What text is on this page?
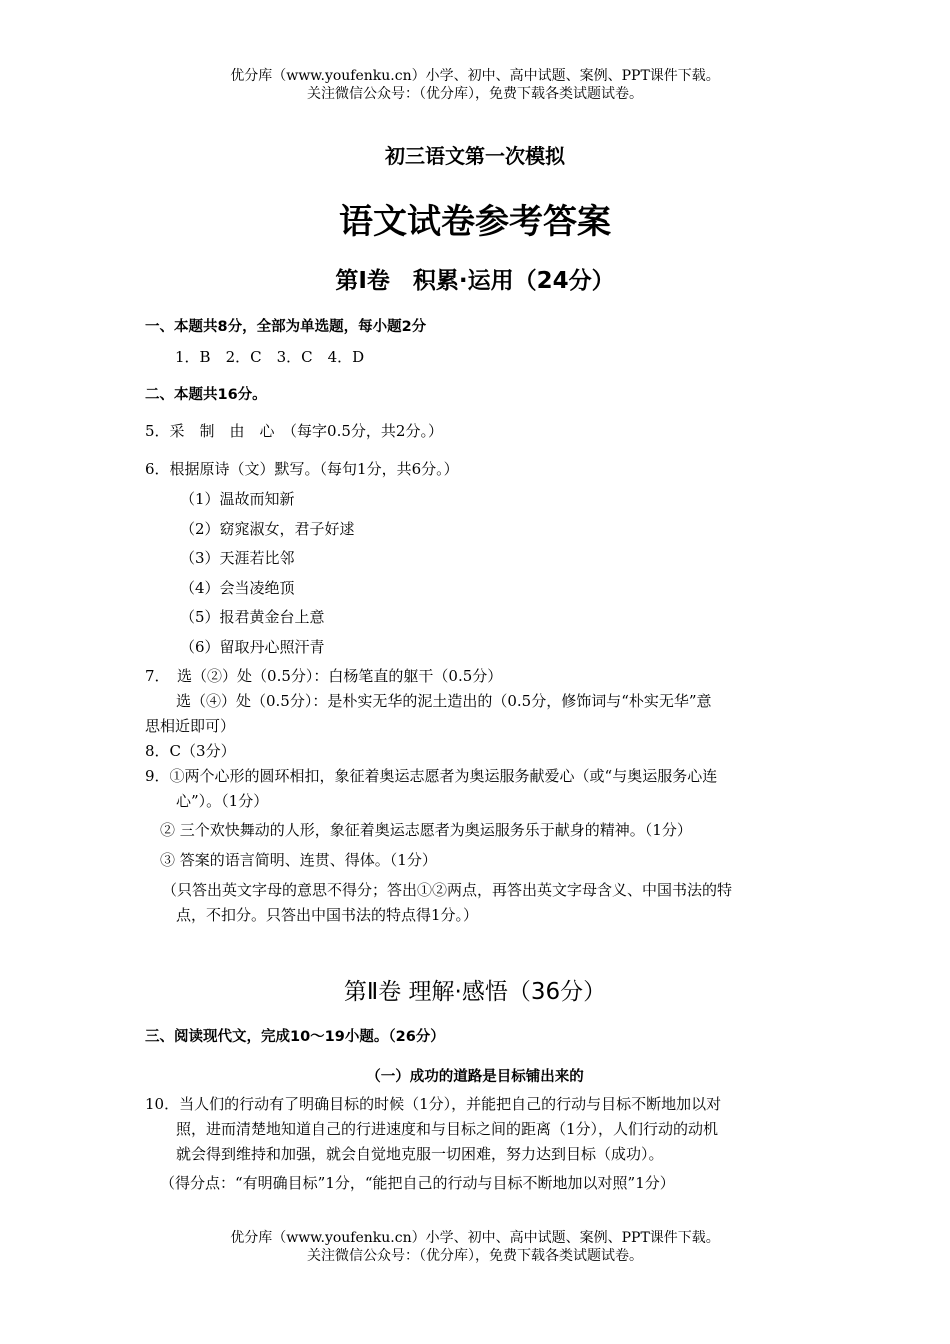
优分库（www.youfenku.cn）小学、初中、高中试题、案例、PPT课件下载。
关注微信公众号：（优分库），免费下载各类试题试卷。
初三语文第一次模拟
语文试卷参考答案
第Ⅰ卷　积累·运用（24分）
一、本题共8分，全部为单选题，每小题2分
1．B　2．C　3．C　4．D
二、本题共16分。
5．采　制　由　心　（每字0.5分，共2分。）
6．根据原诗（文）默写。（每句1分，共6分。）
（1）温故而知新
（2）窈窕淑女，君子好逑
（3）天涯若比邻
（4）会当凌绝顶
（5）报君黄金台上意
（6）留取丹心照汗青
7．　选（②）处（0.5分）：白杨笔直的躯干（0.5分）
选（④）处（0.5分）：是朴实无华的泥土造出的（0.5分，修饰词与“朴实无华”意
思相近即可）
8．C（3分）
9．①两个心形的圆环相扣，象征着奥运志愿者为奥运服务献爱心（或“与奥运服务心连
心”）。（1分）
② 三个欢快舞动的人形，象征着奥运志愿者为奥运服务乐于献身的精神。（1分）
③ 答案的语言简明、连贯、得体。（1分）
（只答出英文字母的意思不得分；答出①②两点，再答出英文字母含义、中国书法的特
点，不扣分。只答出中国书法的特点得1分。）
第Ⅱ卷 理解·感悟（36分）
三、阅读现代文，完成10～19小题。（26分）
（一）成功的道路是目标铺出来的
10．当人们的行动有了明确目标的时候（1分），并能把自己的行动与目标不断地加以对
照，进而清楚地知道自己的行进速度和与目标之间的距离（1分），人们行动的动机
就会得到维持和加强，就会自觉地克服一切困难，努力达到目标（成功）。
（得分点：“有明确目标”1分，“能把自己的行动与目标不断地加以对照”1分）
优分库（www.youfenku.cn）小学、初中、高中试题、案例、PPT课件下载。
关注微信公众号：（优分库），免费下载各类试题试卷。
